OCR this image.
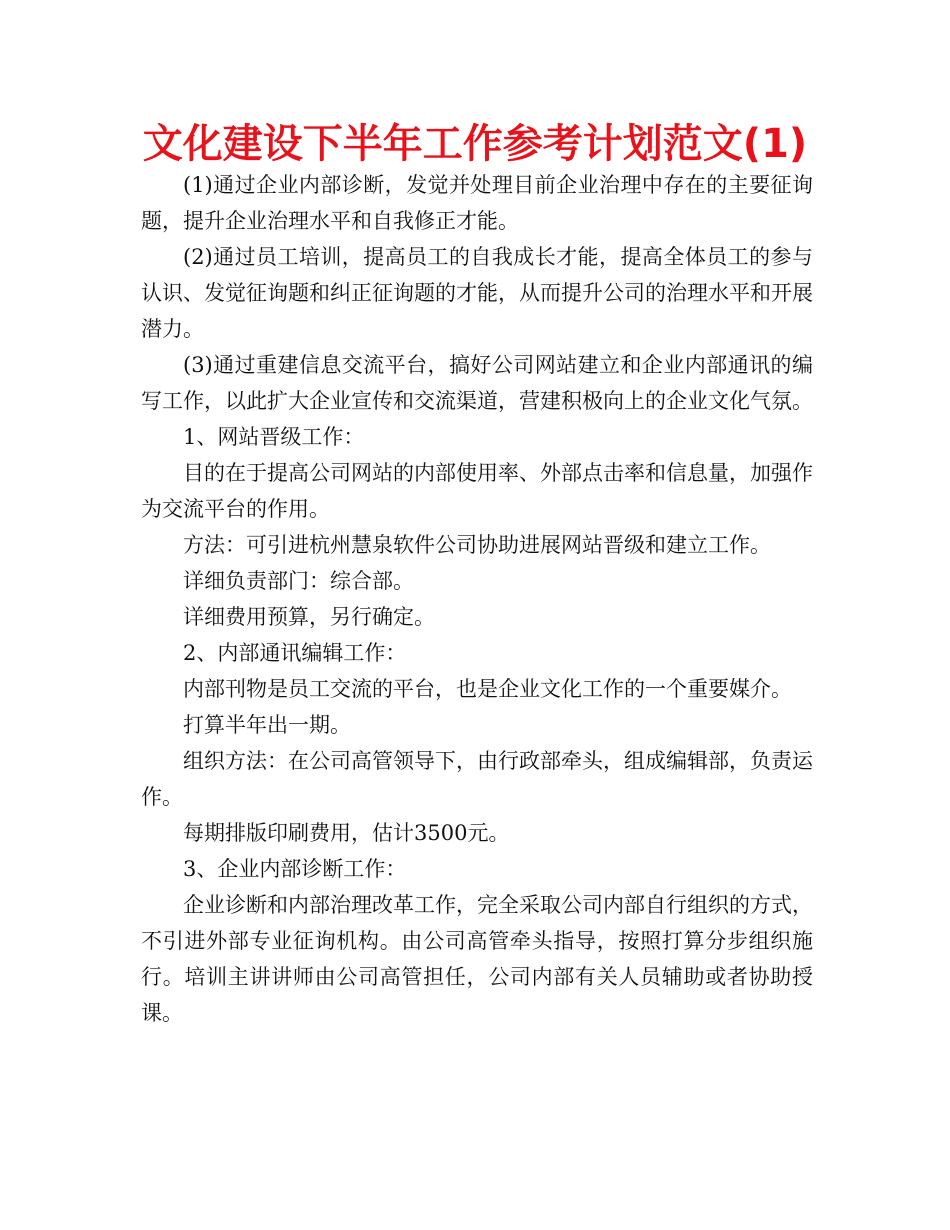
文化建设下半年工作参考计划范文(1)

(1)通过企业内部诊断，发觉并处理目前企业治理中存在的主要征询题，提升企业治理水平和自我修正才能。

(2)通过员工培训，提高员工的自我成长才能，提高全体员工的参与认识、发觉征询题和纠正征询题的才能，从而提升公司的治理水平和开展潜力。

(3)通过重建信息交流平台，搞好公司网站建立和企业内部通讯的编写工作，以此扩大企业宣传和交流渠道，营建积极向上的企业文化气氛。

1、网站晋级工作：

目的在于提高公司网站的内部使用率、外部点击率和信息量，加强作为交流平台的作用。

方法：可引进杭州慧泉软件公司协助进展网站晋级和建立工作。

详细负责部门：综合部。

详细费用预算，另行确定。

2、内部通讯编辑工作：

内部刊物是员工交流的平台，也是企业文化工作的一个重要媒介。

打算半年出一期。

组织方法：在公司高管领导下，由行政部牵头，组成编辑部，负责运作。

每期排版印刷费用，估计3500元。

3、企业内部诊断工作：

企业诊断和内部治理改革工作，完全采取公司内部自行组织的方式，不引进外部专业征询机构。由公司高管牵头指导，按照打算分步组织施行。培训主讲讲师由公司高管担任，公司内部有关人员辅助或者协助授课。
